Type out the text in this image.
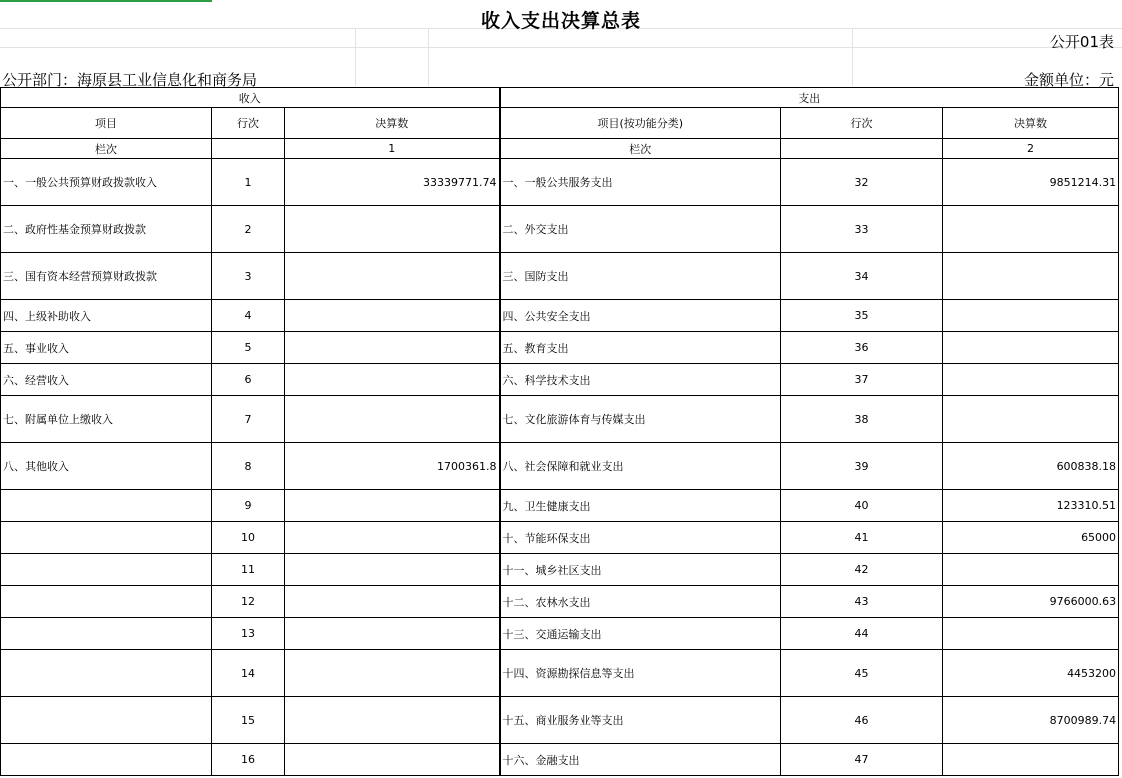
收入支出决算总表
公开01表
公开部门：海原县工业信息化和商务局	金额单位：元
收入			支出		
项目	行次	决算数	项目(按功能分类)	行次	决算数
栏次		1	栏次		2
一、一般公共预算财政拨款收入	1	33339771.74	一、一般公共服务支出	32	9851214.31
二、政府性基金预算财政拨款	2		二、外交支出	33	
三、国有资本经营预算财政拨款	3		三、国防支出	34	
四、上级补助收入	4		四、公共安全支出	35	
五、事业收入	5		五、教育支出	36	
六、经营收入	6		六、科学技术支出	37	
七、附属单位上缴收入	7		七、文化旅游体育与传媒支出	38	
八、其他收入	8	1700361.8	八、社会保障和就业支出	39	600838.18
	9		九、卫生健康支出	40	123310.51
	10		十、节能环保支出	41	65000
	11		十一、城乡社区支出	42	
	12		十二、农林水支出	43	9766000.63
	13		十三、交通运输支出	44	
	14		十四、资源勘探信息等支出	45	4453200
	15		十五、商业服务业等支出	46	8700989.74
	16		十六、金融支出	47	
